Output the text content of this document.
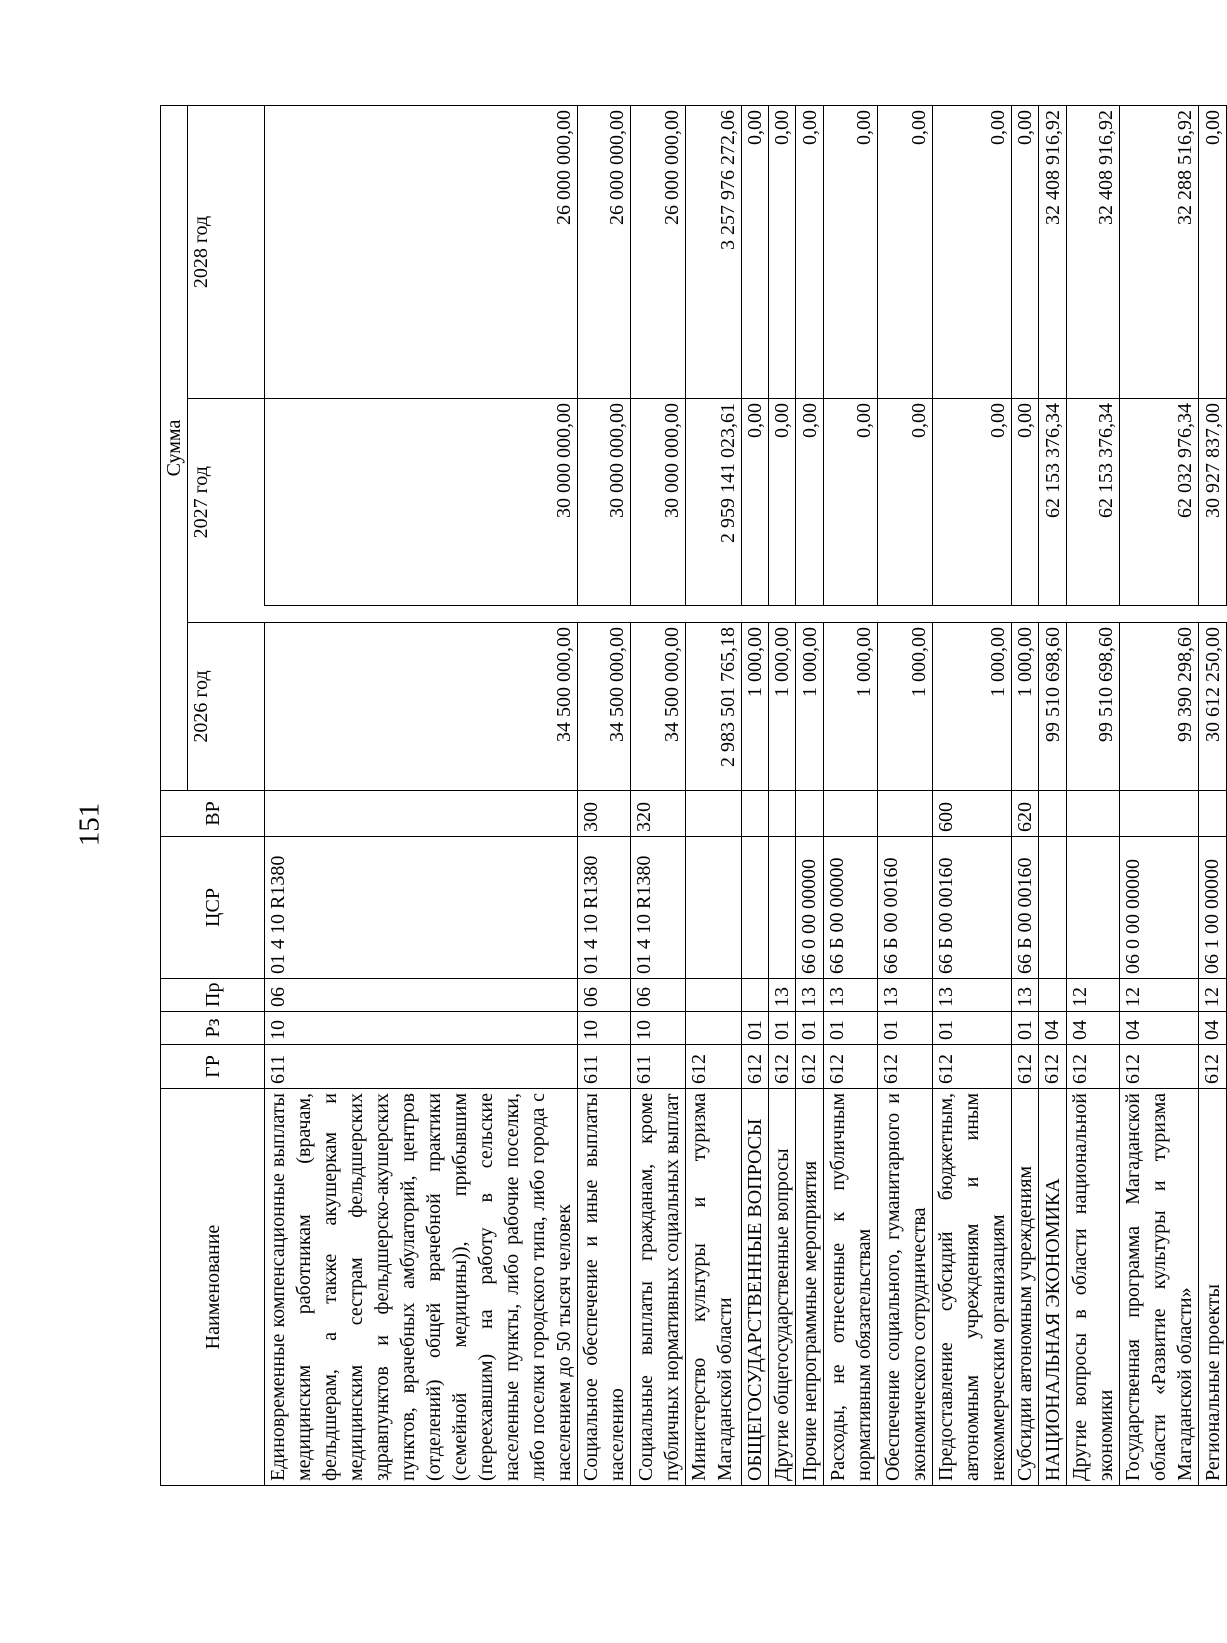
151
Наименование	ГР	Рз	Пр	ЦСР	ВР	Сумма			
						2026 год		2027 год	2028 год
Единовременные компенсационные выплаты медицинским работникам (врачам, фельдшерам, а также акушеркам и медицинским сестрам фельдшерских здравпунктов и фельдшерско-акушерских пунктов, врачебных амбулаторий, центров (отделений) общей врачебной практики (семейной медицины)), прибывшим (переехавшим) на работу в сельские населенные пункты, либо рабочие поселки, либо поселки городского типа, либо города с населением до 50 тысяч человек	611	10	06	01 4 10 R1380		34 500 000,00		30 000 000,00	26 000 000,00
Социальное обеспечение и иные выплаты населению	611	10	06	01 4 10 R1380	300	34 500 000,00		30 000 000,00	26 000 000,00
Социальные выплаты гражданам, кроме публичных нормативных социальных выплат	611	10	06	01 4 10 R1380	320	34 500 000,00		30 000 000,00	26 000 000,00
Министерство культуры и туризма Магаданской области	612					2 983 501 765,18		2 959 141 023,61	3 257 976 272,06
ОБЩЕГОСУДАРСТВЕННЫЕ ВОПРОСЫ	612	01				1 000,00		0,00	0,00
Другие общегосударственные вопросы	612	01	13			1 000,00		0,00	0,00
Прочие непрограммные мероприятия	612	01	13	66 0 00 00000		1 000,00		0,00	0,00
Расходы, не отнесенные к публичным нормативным обязательствам	612	01	13	66 Б 00 00000		1 000,00		0,00	0,00
Обеспечение социального, гуманитарного и экономического сотрудничества	612	01	13	66 Б 00 00160		1 000,00		0,00	0,00
Предоставление субсидий бюджетным, автономным учреждениям и иным некоммерческим организациям	612	01	13	66 Б 00 00160	600	1 000,00		0,00	0,00
Субсидии автономным учреждениям	612	01	13	66 Б 00 00160	620	1 000,00		0,00	0,00
НАЦИОНАЛЬНАЯ ЭКОНОМИКА	612	04				99 510 698,60		62 153 376,34	32 408 916,92
Другие вопросы в области национальной экономики	612	04	12			99 510 698,60		62 153 376,34	32 408 916,92
Государственная программа Магаданской области «Развитие культуры и туризма Магаданской области»	612	04	12	06 0 00 00000		99 390 298,60		62 032 976,34	32 288 516,92
Региональные проекты	612	04	12	06 1 00 00000		30 612 250,00		30 927 837,00	0,00
